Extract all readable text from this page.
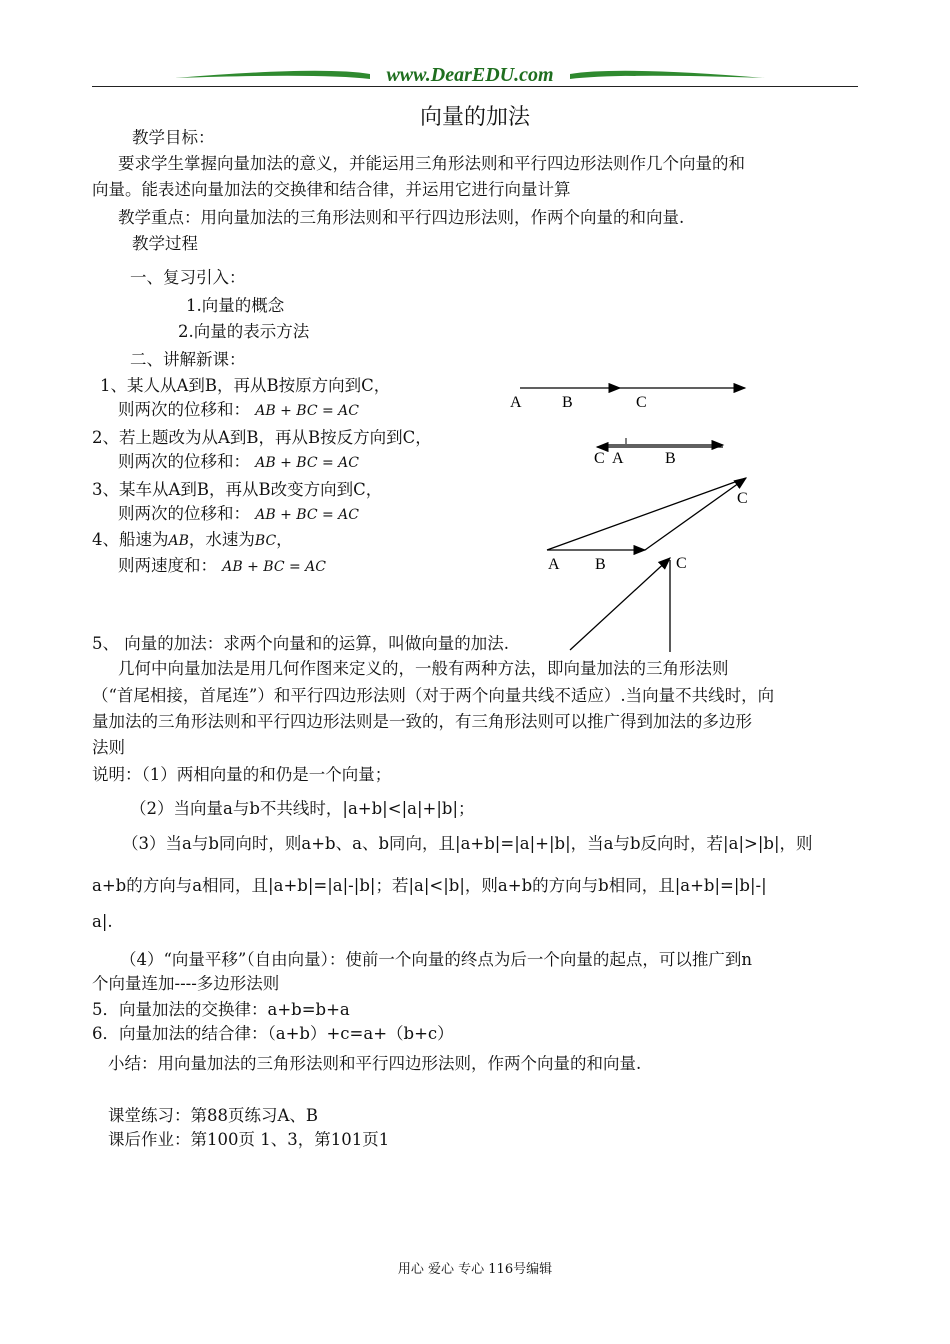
www.DearEDU.com
向量的加法
教学目标：
要求学生掌握向量加法的意义，并能运用三角形法则和平行四边形法则作几个向量的和
向量。能表述向量加法的交换律和结合律，并运用它进行向量计算
教学重点：用向量加法的三角形法则和平行四边形法则，作两个向量的和向量.
教学过程
一、复习引入：
1.向量的概念
2.向量的表示方法
二、讲解新课：
1、某人从A到B，再从B按原方向到C，
则两次的位移和： AB + BC = AC
2、若上题改为从A到B，再从B按反方向到C，
则两次的位移和： AB + BC = AC
3、某车从A到B，再从B改变方向到C，
则两次的位移和： AB + BC = AC
4、船速为AB，水速为BC，
则两速度和： AB + BC = AC
A	B	C
C A	B
A B
C
C
5、 向量的加法：求两个向量和的运算，叫做向量的加法.
几何中向量加法是用几何作图来定义的，一般有两种方法，即向量加法的三角形法则
（“首尾相接，首尾连”）和平行四边形法则（对于两个向量共线不适应）.当向量不共线时，向
量加法的三角形法则和平行四边形法则是一致的，有三角形法则可以推广得到加法的多边形
法则
说明：（1）两相向量的和仍是一个向量；
（2）当向量a与b不共线时，|a+b|<|a|+|b|；
（3）当a与b同向时，则a+b、a、b同向，且|a+b|=|a|+|b|，当a与b反向时，若|a|>|b|，则
a+b的方向与a相同，且|a+b|=|a|-|b|；若|a|<|b|，则a+b的方向与b相同，且|a+b|=|b|-|
a|.
（4）“向量平移”（自由向量）：使前一个向量的终点为后一个向量的起点，可以推广到n
个向量连加----多边形法则
5．向量加法的交换律：a+b=b+a
6．向量加法的结合律：（a+b）+c=a+（b+c）
小结：用向量加法的三角形法则和平行四边形法则，作两个向量的和向量.
课堂练习：第88页练习A、B
课后作业：第100页 1、3，第101页1
用心 爱心 专心 116号编辑
